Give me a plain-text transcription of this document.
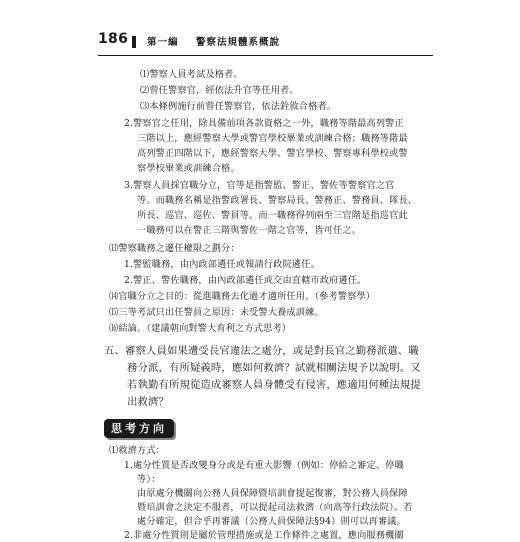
186 第一編 警察法規體系概說
⑴警察人員考試及格者。
⑵曾任警察官，經依法升官等任用者。
⑶本條例施行前曾任警察官，依法銓敘合格者。
2.警察官之任用，除具備前項各款資格之一外，職務等階最高列警正
三階以上，應經警察大學或警官學校畢業或訓練合格；職務等階最
高列警正四階以下，應經警察大學、警官學校、警察專科學校或警
察學校畢業或訓練合格。
3.警察人員採官職分立，官等是指警監、警正、警佐等警察官之官
等。而職務名稱是指警政署長、警察局長、警務正、警務員、隊長、
所長、巡官、巡佐、警員等。而一職務得列兩至三官階是指巡官此
一職務可以在警正三階與警佐一階之官等，皆可任之。
⒀警察職務之遷任權限之劃分：
1.警監職務，由內政部遴任或報請行政院遴任。
2.警正、警佐職務，由內政部遴任或交由直轄市政府遴任。
⒁官職分立之目的：從進職務去化過才適所任用。（參考警察學）
⒂三等考試只出任警員之原因：未受警大養成訓練。
⒃結論。（建議朝向對警大育利之方式思考）
五、審察人員如果遭受長官違法之處分，或是對長官之勤務派遣、職
務分派，有所疑義時，應如何救濟？試就相關法規予以說明。又
若執勤有所規從造成審察人員身體受有侵害，應適用何種法規提
出救濟？
思考方向
⑴救濟方式：
1.處分性質是否改變身分或是有重大影響（例如：停給之審定、停職
等）：
由原處分機關向公務人員保障暨培訓會提起復審，對公務人員保障
暨培訓會之決定不服者，可以提起司法救濟（向高等行政法院）。若
處分確定，但合乎再審議（公務人員保障法§94）則可以再審議。
2.非處分性質則是屬於管理措施或是工作條件之處置，應向服務機關
